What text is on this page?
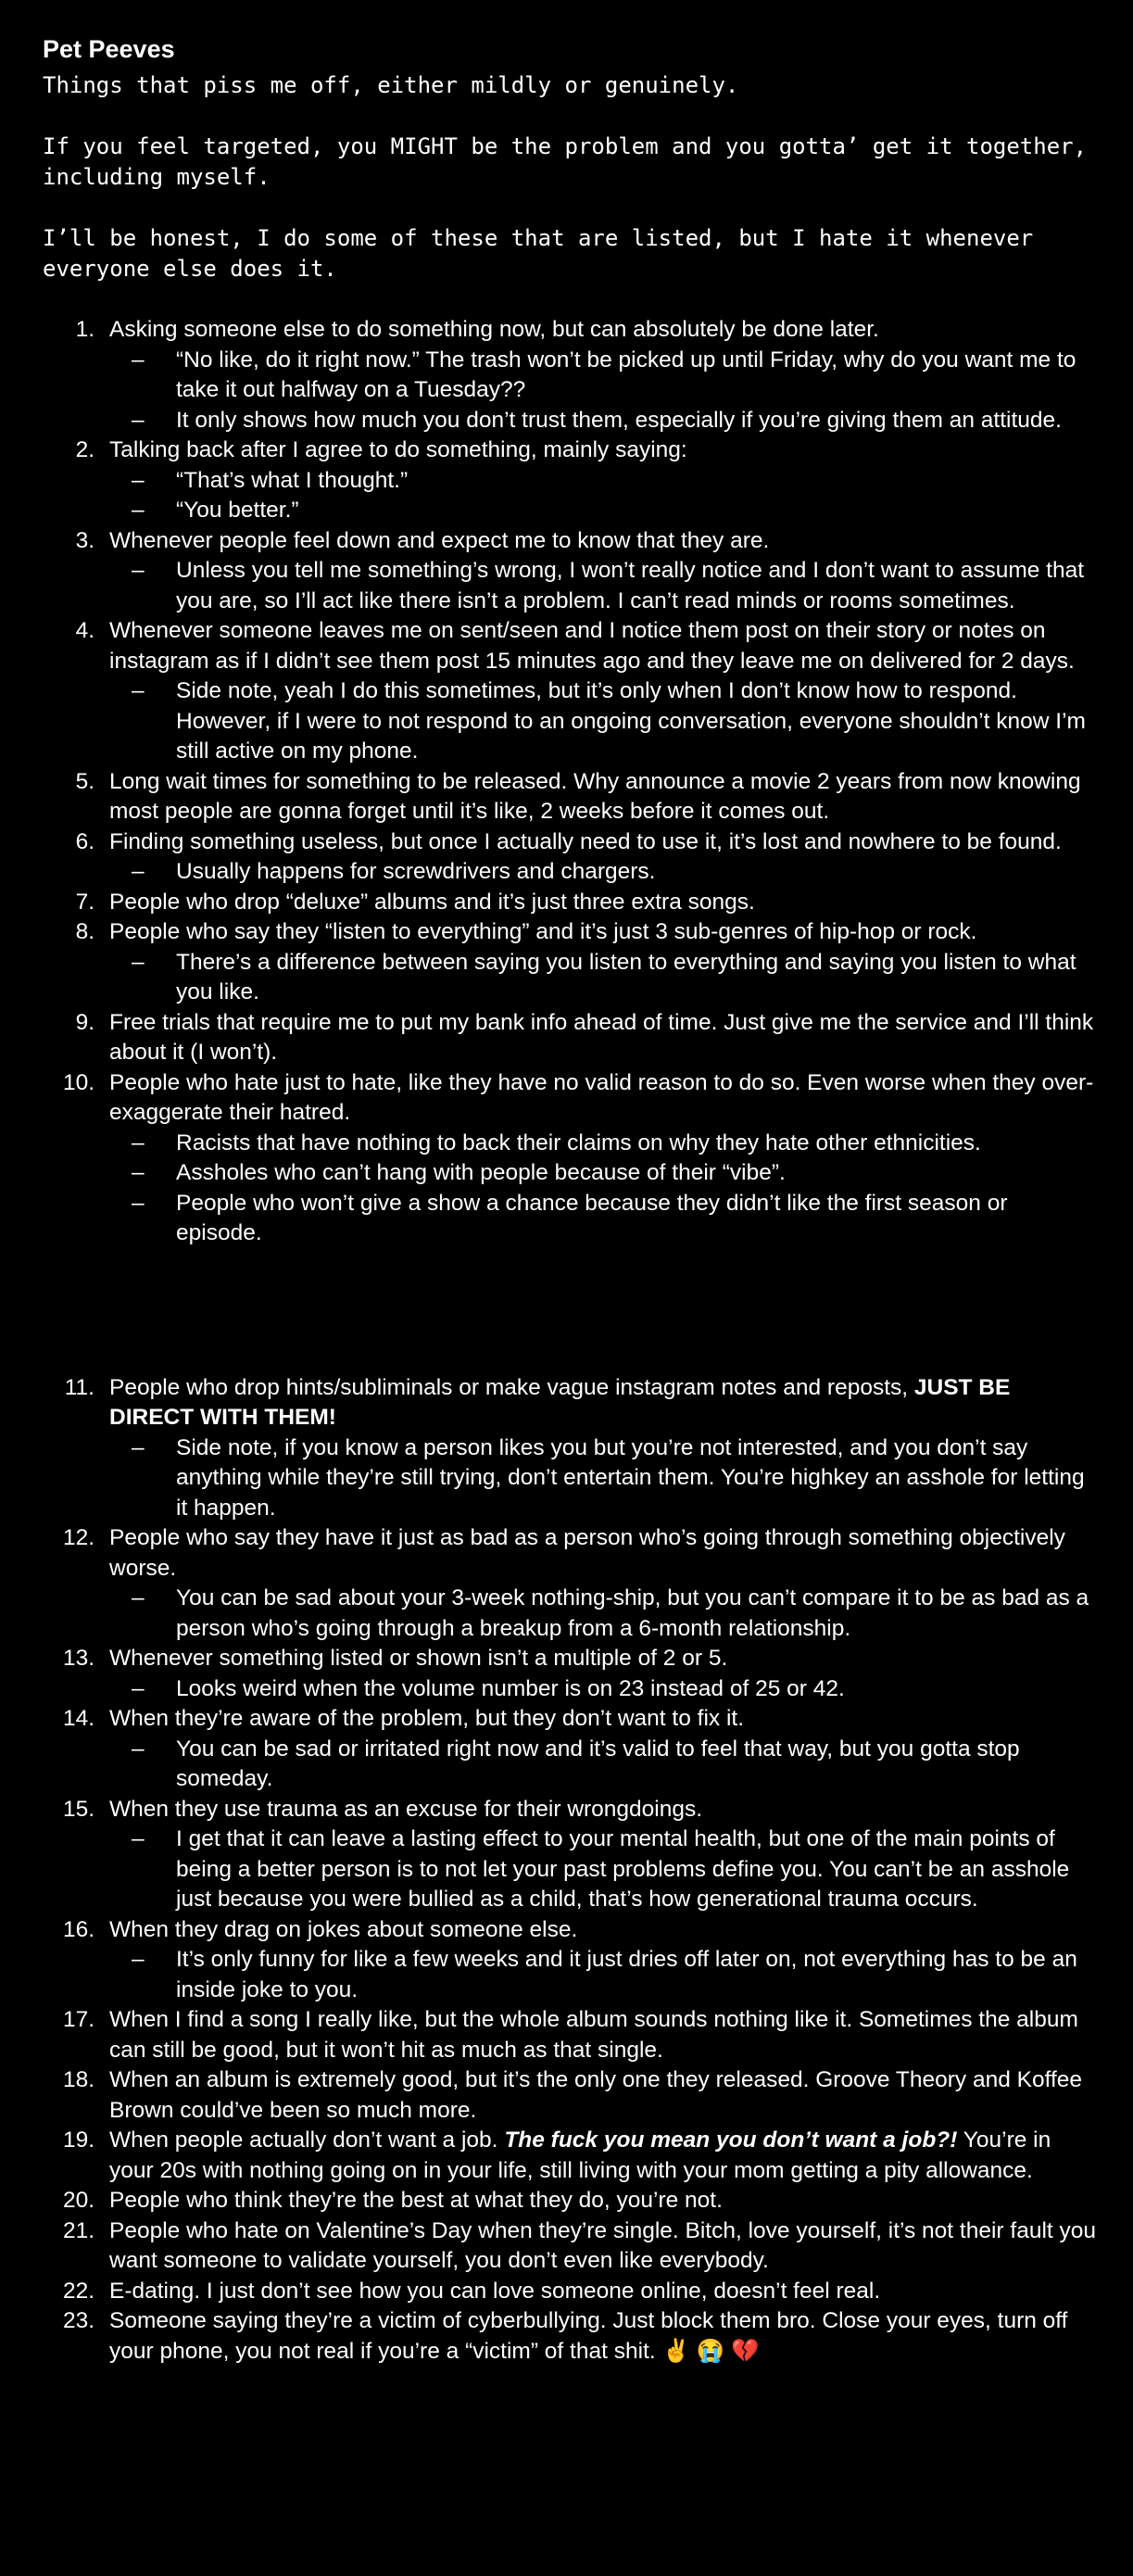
Pet Peeves

Things that piss me off, either mildly or genuinely.

If you feel targeted, you MIGHT be the problem and you gotta’ get it together, including myself.

I’ll be honest, I do some of these that are listed, but I hate it whenever everyone else does it.

1. Asking someone else to do something now, but can absolutely be done later.
–	“No like, do it right now.” The trash won’t be picked up until Friday, why do you want me to take it out halfway on a Tuesday??
–	It only shows how much you don’t trust them, especially if you’re giving them an attitude.
2. Talking back after I agree to do something, mainly saying:
–	“That’s what I thought.”
–	“You better.”
3. Whenever people feel down and expect me to know that they are.
–	Unless you tell me something’s wrong, I won’t really notice and I don’t want to assume that you are, so I’ll act like there isn’t a problem. I can’t read minds or rooms sometimes.
4. Whenever someone leaves me on sent/seen and I notice them post on their story or notes on instagram as if I didn’t see them post 15 minutes ago and they leave me on delivered for 2 days.
–	Side note, yeah I do this sometimes, but it’s only when I don’t know how to respond. However, if I were to not respond to an ongoing conversation, everyone shouldn’t know I’m still active on my phone.
5. Long wait times for something to be released. Why announce a movie 2 years from now knowing most people are gonna forget until it’s like, 2 weeks before it comes out.
6. Finding something useless, but once I actually need to use it, it’s lost and nowhere to be found.
–	Usually happens for screwdrivers and chargers.
7. People who drop “deluxe” albums and it’s just three extra songs.
8. People who say they “listen to everything” and it’s just 3 sub-genres of hip-hop or rock.
–	There’s a difference between saying you listen to everything and saying you listen to what you like.
9. Free trials that require me to put my bank info ahead of time. Just give me the service and I’ll think about it (I won’t).
10. People who hate just to hate, like they have no valid reason to do so. Even worse when they over-exaggerate their hatred.
–	Racists that have nothing to back their claims on why they hate other ethnicities.
–	Assholes who can’t hang with people because of their “vibe”.
–	People who won’t give a show a chance because they didn’t like the first season or episode.
11. People who drop hints/subliminals or make vague instagram notes and reposts, JUST BE DIRECT WITH THEM!
–	Side note, if you know a person likes you but you’re not interested, and you don’t say anything while they’re still trying, don’t entertain them. You’re highkey an asshole for letting it happen.
12. People who say they have it just as bad as a person who’s going through something objectively worse.
–	You can be sad about your 3-week nothing-ship, but you can’t compare it to be as bad as a person who’s going through a breakup from a 6-month relationship.
13. Whenever something listed or shown isn’t a multiple of 2 or 5.
–	Looks weird when the volume number is on 23 instead of 25 or 42.
14. When they’re aware of the problem, but they don’t want to fix it.
–	You can be sad or irritated right now and it’s valid to feel that way, but you gotta stop someday.
15. When they use trauma as an excuse for their wrongdoings.
–	I get that it can leave a lasting effect to your mental health, but one of the main points of being a better person is to not let your past problems define you. You can’t be an asshole just because you were bullied as a child, that’s how generational trauma occurs.
16. When they drag on jokes about someone else.
–	It’s only funny for like a few weeks and it just dries off later on, not everything has to be an inside joke to you.
17. When I find a song I really like, but the whole album sounds nothing like it. Sometimes the album can still be good, but it won’t hit as much as that single.
18. When an album is extremely good, but it’s the only one they released. Groove Theory and Koffee Brown could’ve been so much more.
19. When people actually don’t want a job. The fuck you mean you don’t want a job?! You’re in your 20s with nothing going on in your life, still living with your mom getting a pity allowance.
20. People who think they’re the best at what they do, you’re not.
21. People who hate on Valentine’s Day when they’re single. Bitch, love yourself, it’s not their fault you want someone to validate yourself, you don’t even like everybody.
22. E-dating. I just don’t see how you can love someone online, doesn’t feel real.
23. Someone saying they’re a victim of cyberbullying. Just block them bro. Close your eyes, turn off your phone, you not real if you’re a “victim” of that shit. ✌️ 😭 💔
